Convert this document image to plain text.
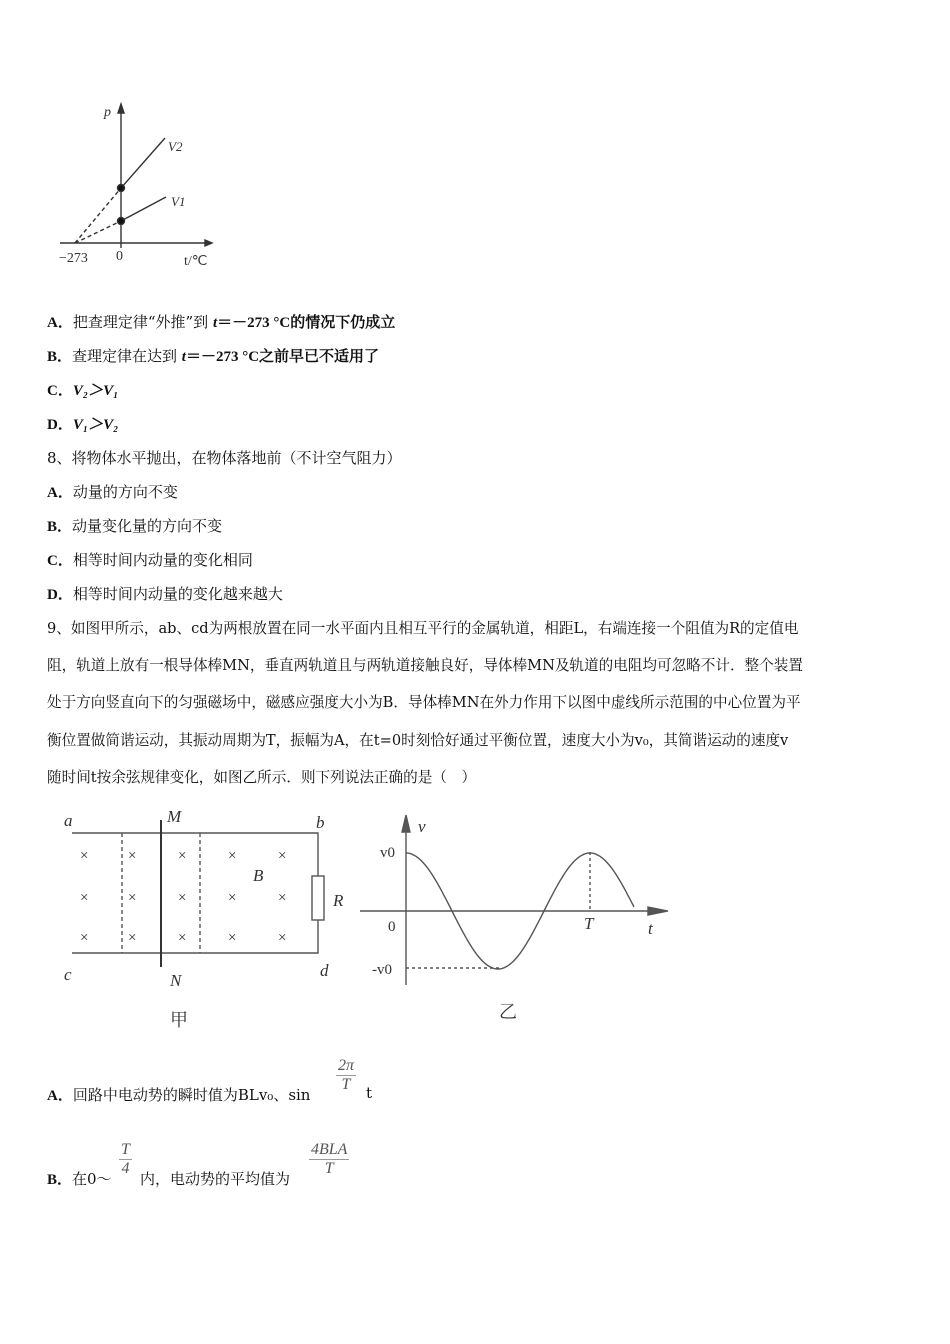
p
V2
V1
−273 0	t/℃
×	×	×	×	×
×	×	×	×	×
×	×	×	×	×
a	M	b
c	N
d
B
R
甲
v
v0
0
-v0
T	t
乙
A．把查理定律“外推”到 t＝－273 °C的情况下仍成立
B．查理定律在达到 t＝－273 °C之前早已不适用了
C．V₂＞V₁
D．V₁＞V₂
8、将物体水平抛出，在物体落地前（不计空气阻力）
A．动量的方向不变
B．动量变化量的方向不变
C．相等时间内动量的变化相同
D．相等时间内动量的变化越来越大
9、如图甲所示，ab、cd为两根放置在同一水平面内且相互平行的金属轨道，相距L，右端连接一个阻值为R的定值电
阻，轨道上放有一根导体棒MN，垂直两轨道且与两轨道接触良好，导体棒MN及轨道的电阻均可忽略不计．整个装置
处于方向竖直向下的匀强磁场中，磁感应强度大小为B．导体棒MN在外力作用下以图中虚线所示范围的中心位置为平
衡位置做简谐运动，其振动周期为T，振幅为A，在t=0时刻恰好通过平衡位置，速度大小为v₀，其简谐运动的速度v
随时间t按余弦规律变化，如图乙所示．则下列说法正确的是（　）
A．回路中电动势的瞬时值为BLv₀、sin
$\frac{2\pi}{T}$ t
B．在0～
$\frac{T}{4}$
内，电动势的平均值为
4BLA
T
